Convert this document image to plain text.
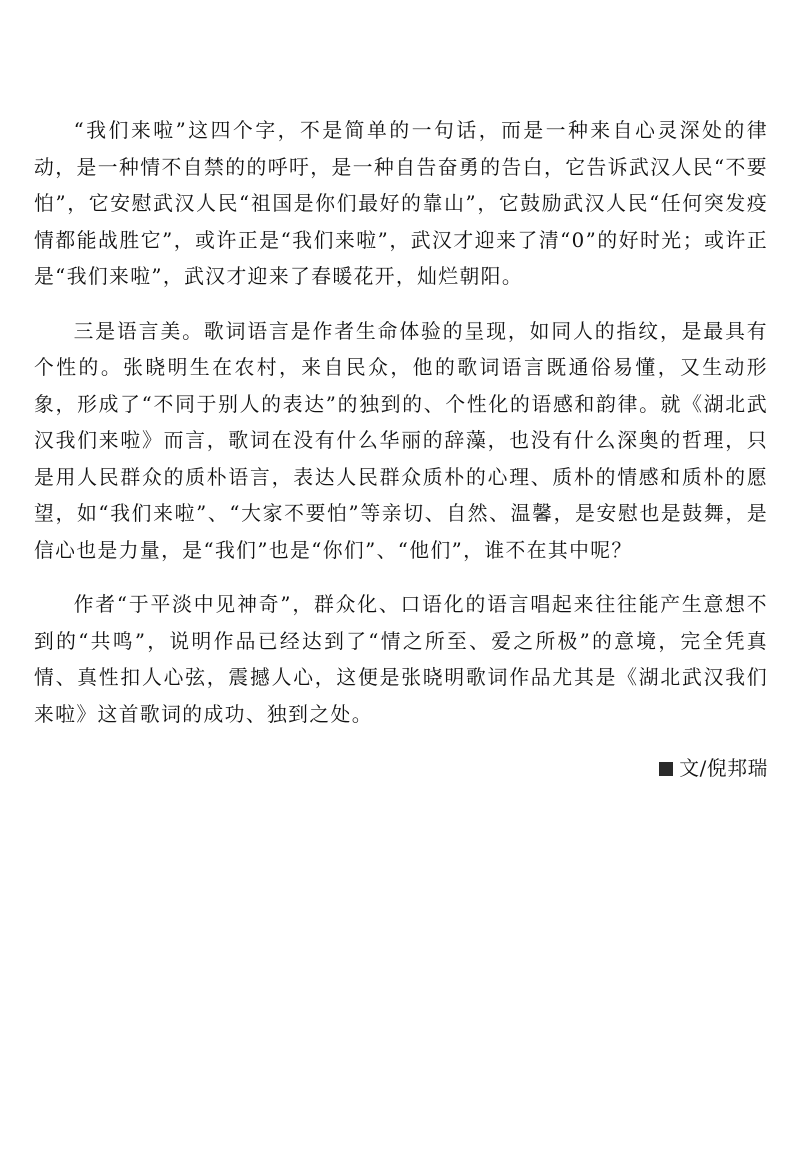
“我们来啦”这四个字，不是简单的一句话，而是一种来自心灵深处的律动，是一种情不自禁的的呼吁，是一种自告奋勇的告白，它告诉武汉人民“不要怕”，它安慰武汉人民“祖国是你们最好的靠山”，它鼓励武汉人民“任何突发疫情都能战胜它”，或许正是“我们来啦”，武汉才迎来了清“0”的好时光；或许正是“我们来啦”，武汉才迎来了春暖花开，灿烂朝阳。

三是语言美。歌词语言是作者生命体验的呈现，如同人的指纹，是最具有个性的。张晓明生在农村，来自民众，他的歌词语言既通俗易懂，又生动形象，形成了“不同于别人的表达”的独到的、个性化的语感和韵律。就《湖北武汉我们来啦》而言，歌词在没有什么华丽的辞藻，也没有什么深奥的哲理，只是用人民群众的质朴语言，表达人民群众质朴的心理、质朴的情感和质朴的愿望，如“我们来啦”、“大家不要怕”等亲切、自然、温馨，是安慰也是鼓舞，是信心也是力量，是“我们”也是“你们”、“他们”，谁不在其中呢？

作者“于平淡中见神奇”，群众化、口语化的语言唱起来往往能产生意想不到的“共鸣”，说明作品已经达到了“情之所至、爱之所极”的意境，完全凭真情、真性扣人心弦，震撼人心，这便是张晓明歌词作品尤其是《湖北武汉我们来啦》这首歌词的成功、独到之处。

文/倪邦瑞
